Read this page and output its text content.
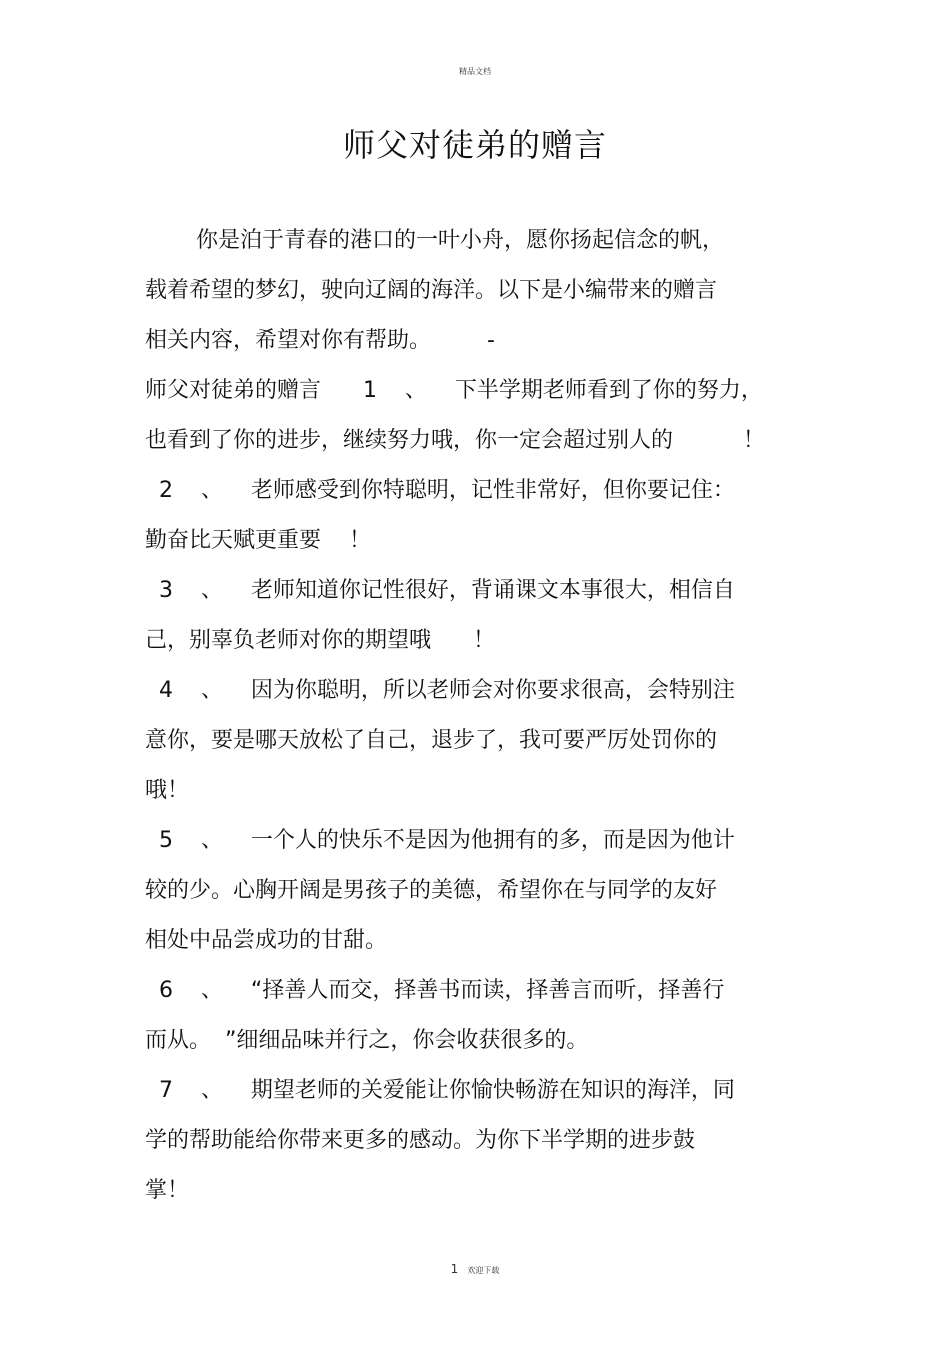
精品文档
师父对徒弟的赠言
你是泊于青春的港口的一叶小舟，愿你扬起信念的帆，
载着希望的梦幻，驶向辽阔的海洋。以下是小编带来的赠言
相关内容，希望对你有帮助。        -
师父对徒弟的赠言      1    、    下半学期老师看到了你的努力，
也看到了你的进步，继续努力哦，你一定会超过别人的          ！
2    、    老师感受到你特聪明，记性非常好，但你要记住：
勤奋比天赋更重要    ！
3    、    老师知道你记性很好，背诵课文本事很大，相信自
己，别辜负老师对你的期望哦      ！
4    、    因为你聪明，所以老师会对你要求很高，会特别注
意你，要是哪天放松了自己，退步了，我可要严厉处罚你的
哦！
5    、    一个人的快乐不是因为他拥有的多，而是因为他计
较的少。心胸开阔是男孩子的美德，希望你在与同学的友好
相处中品尝成功的甘甜。
6    、    “择善人而交，择善书而读，择善言而听，择善行
而从。  ”细细品味并行之，你会收获很多的。
7    、    期望老师的关爱能让你愉快畅游在知识的海洋，同
学的帮助能给你带来更多的感动。为你下半学期的进步鼓
掌！
1 欢迎下载
